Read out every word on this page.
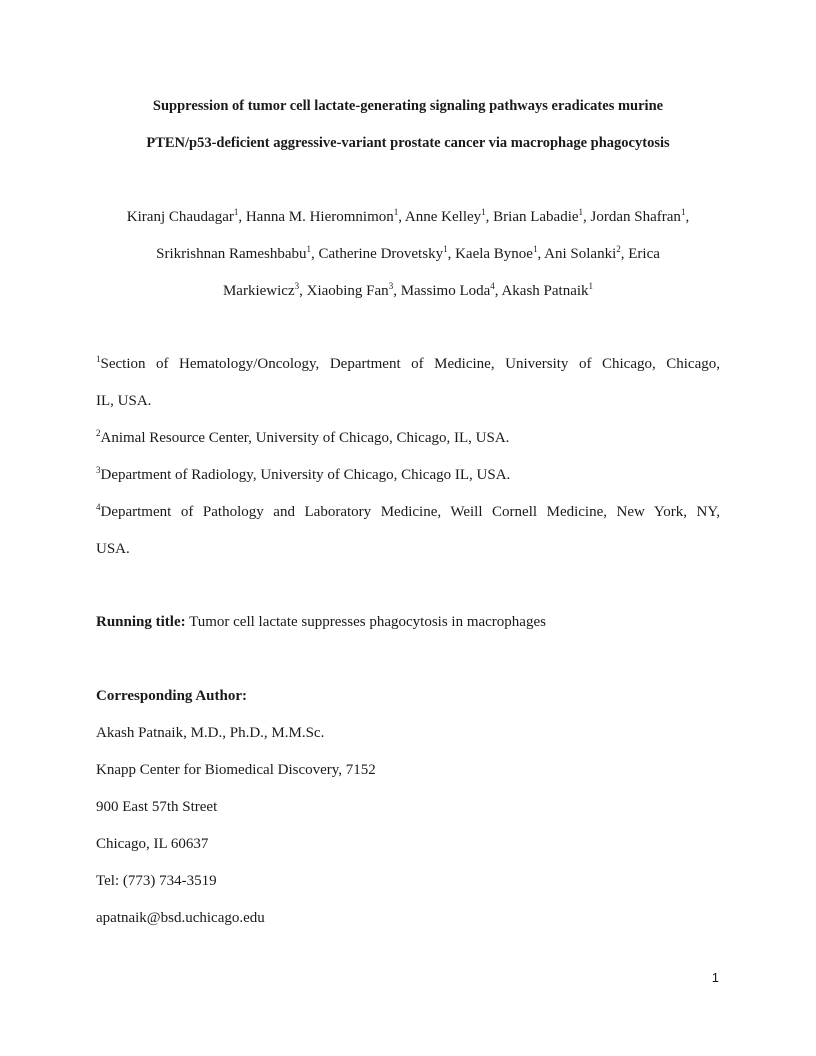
Suppression of tumor cell lactate-generating signaling pathways eradicates murine
PTEN/p53-deficient aggressive-variant prostate cancer via macrophage phagocytosis
Kiranj Chaudagar$^1$, Hanna M. Hieromnimon$^1$, Anne Kelley$^1$, Brian Labadie$^1$, Jordan Shafran$^1$,
Srikrishnan Rameshbabu$^1$, Catherine Drovetsky$^1$, Kaela Bynoe$^1$, Ani Solanki$^2$, Erica
Markiewicz$^3$, Xiaobing Fan$^3$, Massimo Loda$^4$, Akash Patnaik$^1$
$^1$Section of Hematology/Oncology, Department of Medicine, University of Chicago, Chicago,
IL, USA.
$^2$Animal Resource Center, University of Chicago, Chicago, IL, USA.
$^3$Department of Radiology, University of Chicago, Chicago IL, USA.
$^4$Department of Pathology and Laboratory Medicine, Weill Cornell Medicine, New York, NY,
USA.
Running title: Tumor cell lactate suppresses phagocytosis in macrophages
Corresponding Author:
Akash Patnaik, M.D., Ph.D., M.M.Sc.
Knapp Center for Biomedical Discovery, 7152
900 East 57th Street
Chicago, IL 60637
Tel: (773) 734-3519
apatnaik@bsd.uchicago.edu
1
